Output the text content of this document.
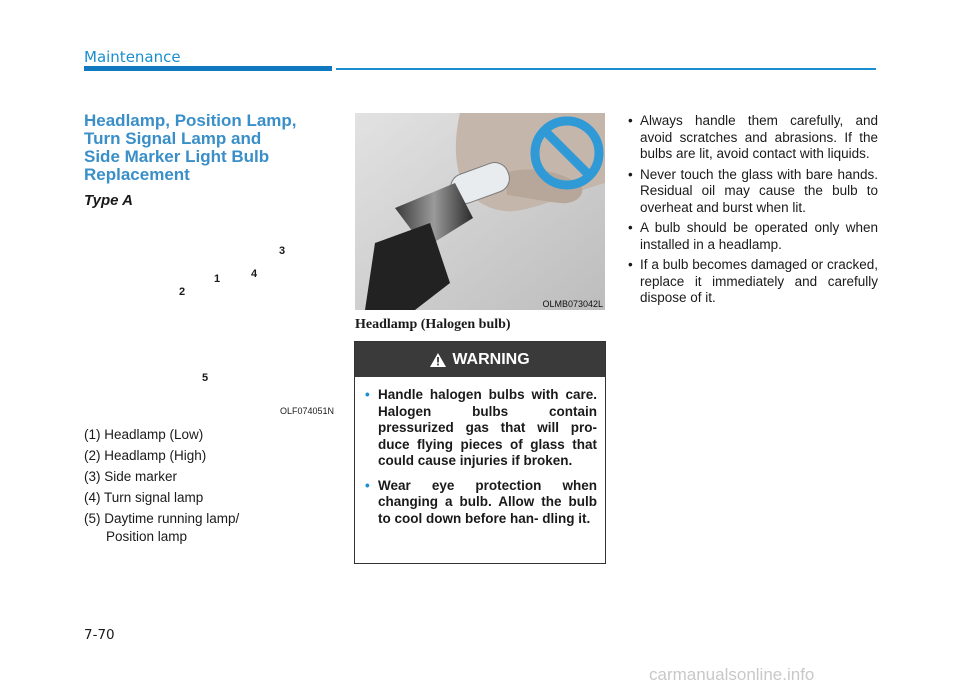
Maintenance
Headlamp, Position Lamp,
Turn Signal Lamp and
Side Marker Light Bulb
Replacement
Type A
1
2
3
4
5
OLF074051N
(1) Headlamp (Low)
(2) Headlamp (High)
(3) Side marker
(4) Turn signal lamp
(5) Daytime running lamp/
Position lamp
OLMB073042L
Headlamp (Halogen bulb)
WARNING
• Handle halogen bulbs with care. Halogen bulbs contain pressurized gas that will pro- duce flying pieces of glass that could cause injuries if broken.
• Wear eye protection when changing a bulb. Allow the bulb to cool down before han- dling it.
• Always handle them carefully, and avoid scratches and abrasions. If the bulbs are lit, avoid contact with liquids.
• Never touch the glass with bare hands. Residual oil may cause the bulb to overheat and burst when lit.
• A bulb should be operated only when installed in a headlamp.
• If a bulb becomes damaged or cracked, replace it immediately and carefully dispose of it.
7-70
carmanualsonline.info
